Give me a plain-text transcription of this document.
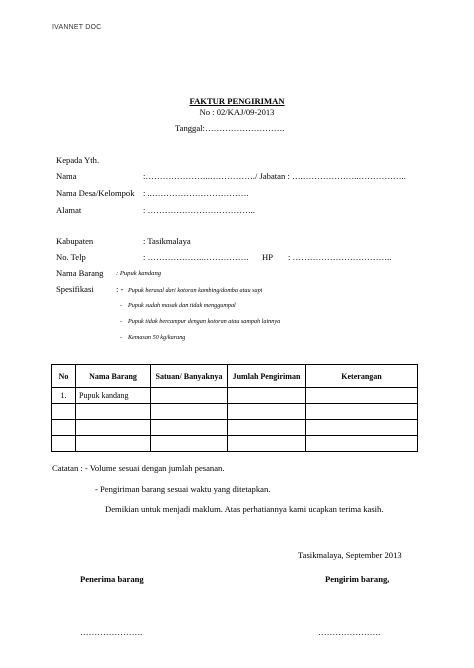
IVANNET DOC
FAKTUR PENGIRIMAN
No : 02/KAJ/09-2013
Tanggal:……………………….
Kepada Yth.
Nama	:…………………..……………./ Jabatan : ….………………..……………..
Nama Desa/Kelompok : ..…………………………….
Alamat	: ………………………………..
Kabupaten	: Tasikmalaya
No. Telp	: ………………..……………. HP : ……………………………..
Nama Barang : Pupuk kandang
Spesifikasi	: - Pupuk berasal dari kotoran kambing/domba atau sapi
- Pupuk sudah masak dan tidak menggumpal
- Pupuk tidak bercampur dengan kotoran atau sampah lainnya
- Kemasan 50 kg/karung
No	Nama Barang	Satuan/ Banyaknya	Jumlah Pengiriman	Keterangan
1.	Pupuk kandang			

Catatan : - Volume sesuai dengan jumlah pesanan.
- Pengiriman barang sesuai waktu yang ditetapkan.
Demikian untuk menjadi maklum. Atas perhatiannya kami ucapkan terima kasih.
Tasikmalaya, September 2013
Penerima barang	Pengirim barang,
………………….	………………….
